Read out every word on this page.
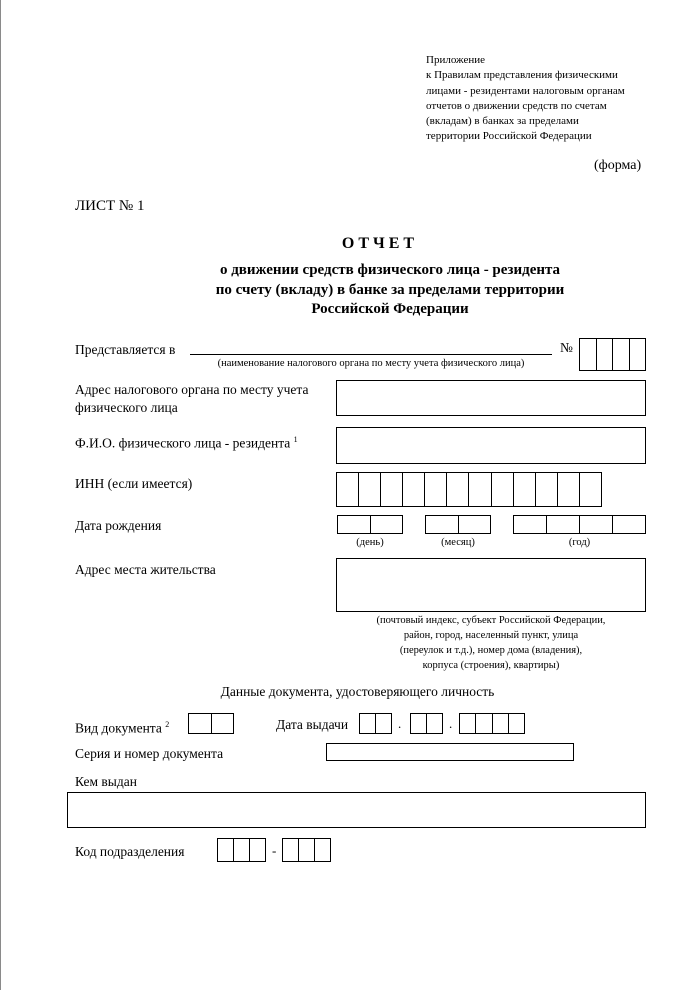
Приложение
к Правилам представления физическими
лицами - резидентами налоговым органам
отчетов о движении средств по счетам
(вкладам) в банках за пределами
территории Российской Федерации
(форма)
ЛИСТ № 1
ОТЧЕТ
о движении средств физического лица - резидента
по счету (вкладу) в банке за пределами территории
Российской Федерации
Представляется в
(наименование налогового органа по месту учета физического лица)
№
Адрес налогового органа по месту учета
физического лица
Ф.И.О. физического лица - резидента $^1$
ИНН (если имеется)
Дата рождения
(день)	(месяц)	(год)
Адрес места жительства
(почтовый индекс, субъект Российской Федерации,
район, город, населенный пункт, улица
(переулок и т.д.), номер дома (владения),
корпуса (строения), квартиры)
Данные документа, удостоверяющего личность
Вид документа $^2$	Дата выдачи	.	.
Серия и номер документа
Кем выдан
Код подразделения	-
